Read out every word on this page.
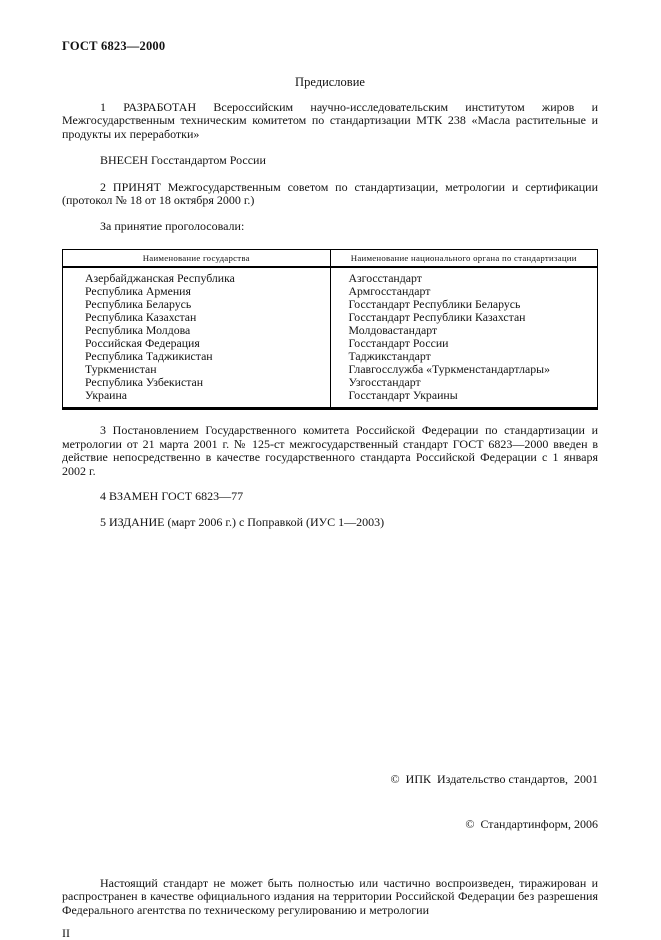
ГОСТ 6823—2000
Предисловие

1 РАЗРАБОТАН Всероссийским научно-исследовательским институтом жиров и Межгосударственным техническим комитетом по стандартизации МТК 238 «Масла растительные и продукты их переработки»

ВНЕСЕН Госстандартом России

2 ПРИНЯТ Межгосударственным советом по стандартизации, метрологии и сертификации (протокол № 18 от 18 октября 2000 г.)

За принятие проголосовали:

Наименование государства	Наименование национального органа по стандартизации
Азербайджанская Республика	Азгосстандарт
Республика Армения	Армгосстандарт
Республика Беларусь	Госстандарт Республики Беларусь
Республика Казахстан	Госстандарт Республики Казахстан
Республика Молдова	Молдовастандарт
Российская Федерация	Госстандарт России
Республика Таджикистан	Таджикстандарт
Туркменистан	Главгосслужба «Туркменстандартлары»
Республика Узбекистан	Узгосстандарт
Украина	Госстандарт Украины

3 Постановлением Государственного комитета Российской Федерации по стандартизации и метрологии от 21 марта 2001 г. № 125-ст межгосударственный стандарт ГОСТ 6823—2000 введен в действие непосредственно в качестве государственного стандарта Российской Федерации с 1 января 2002 г.

4 ВЗАМЕН ГОСТ 6823—77

5 ИЗДАНИЕ (март 2006 г.) с Поправкой (ИУС 1—2003)

©  ИПК  Издательство стандартов,  2001

©  Стандартинформ, 2006

Настоящий стандарт не может быть полностью или частично воспроизведен, тиражирован и распространен в качестве официального издания на территории Российской Федерации без разрешения Федерального агентства по техническому регулированию и метрологии

II
